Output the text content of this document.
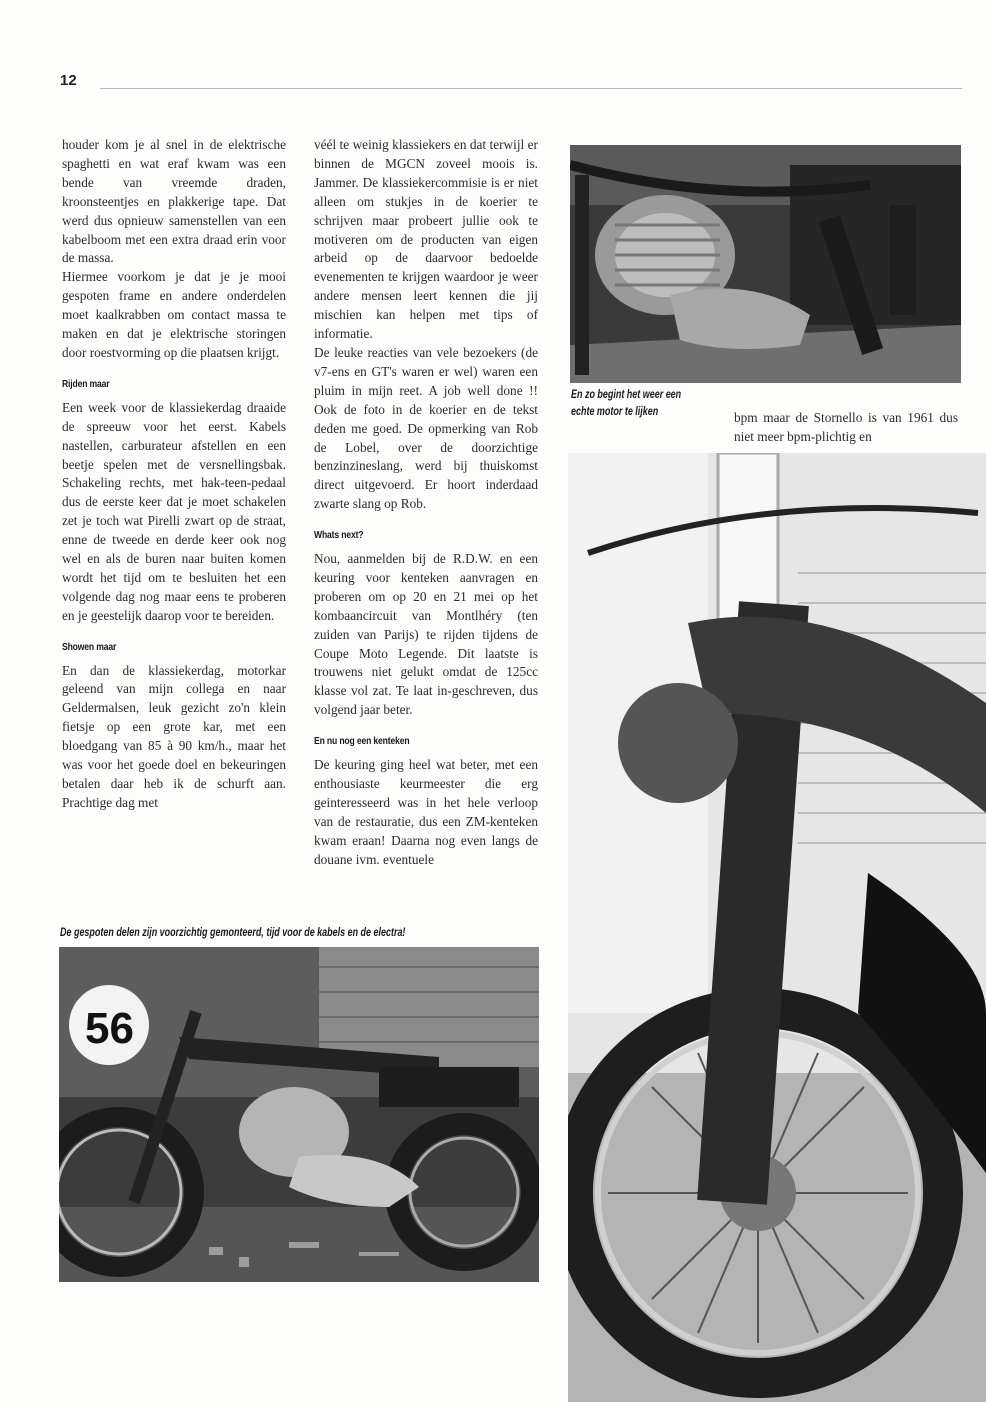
12

houder kom je al snel in de elektrische spaghetti en wat eraf kwam was een bende van vreemde draden, kroonsteentjes en plakkerige tape. Dat werd dus opnieuw samenstellen van een kabelboom met een extra draad erin voor de massa.

Hiermee voorkom je dat je je mooi gespoten frame en andere onderdelen moet kaalkrabben om contact massa te maken en dat je elektrische storingen door roestvorming op die plaatsen krijgt.

Rijden maar

Een week voor de klassiekerdag draaide de spreeuw voor het eerst. Kabels nastellen, carburateur afstellen en een beetje spelen met de versnellingsbak. Schakeling rechts, met hak-teen-pedaal dus de eerste keer dat je moet schakelen zet je toch wat Pirelli zwart op de straat, enne de tweede en derde keer ook nog wel en als de buren naar buiten komen wordt het tijd om te besluiten het een volgende dag nog maar eens te proberen en je geestelijk daarop voor te bereiden.

Showen maar

En dan de klassiekerdag, motorkar geleend van mijn collega en naar Geldermalsen, leuk gezicht zo'n klein fietsje op een grote kar, met een bloedgang van 85 à 90 km/h., maar het was voor het goede doel en bekeuringen betalen daar heb ik de schurft aan. Prachtige dag met

véél te weinig klassiekers en dat terwijl er binnen de MGCN zoveel moois is. Jammer. De klassiekercommisie is er niet alleen om stukjes in de koerier te schrijven maar probeert jullie ook te motiveren om de producten van eigen arbeid op de daarvoor bedoelde evenementen te krijgen waardoor je weer andere mensen leert kennen die jij mischien kan helpen met tips of informatie.

De leuke reacties van vele bezoekers (de v7-ens en GT's waren er wel) waren een pluim in mijn reet. A job well done !! Ook de foto in de koerier en de tekst deden me goed. De opmerking van Rob de Lobel, over de doorzichtige benzinzineslang, werd bij thuiskomst direct uitgevoerd. Er hoort inderdaad zwarte slang op Rob.

Whats next?

Nou, aanmelden bij de R.D.W. en een keuring voor kenteken aanvragen en proberen om op 20 en 21 mei op het kombaancircuit van Montlhéry (ten zuiden van Parijs) te rijden tijdens de Coupe Moto Legende. Dit laatste is trouwens niet gelukt omdat de 125cc klasse vol zat. Te laat in-geschreven, dus volgend jaar beter.

En nu nog een kenteken

De keuring ging heel wat beter, met een enthousiaste keurmeester die erg geinteresseerd was in het hele verloop van de restauratie, dus een ZM-kenteken kwam eraan! Daarna nog even langs de douane ivm. eventuele

bpm maar de Stornello is van 1961 dus niet meer bpm-plichtig en

En zo begint het weer een echte motor te lijken
De gespoten delen zijn voorzichtig gemonteerd, tijd voor de kabels en de electra!
56
